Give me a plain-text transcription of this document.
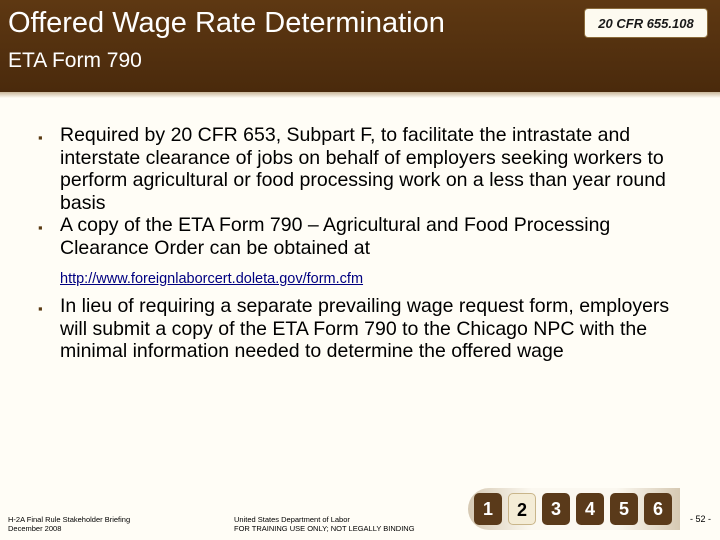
Offered Wage Rate Determination
ETA Form 790
20 CFR 655.108
▪ Required by 20 CFR 653, Subpart F, to facilitate the intrastate and interstate clearance of jobs on behalf of employers seeking workers to perform agricultural or food processing work on a less than year round basis
▪ A copy of the ETA Form 790 – Agricultural and Food Processing Clearance Order can be obtained at
http://www.foreignlaborcert.doleta.gov/form.cfm
▪ In lieu of requiring a separate prevailing wage request form, employers will submit a copy of the ETA Form 790 to the Chicago NPC with the minimal information needed to determine the offered wage
H-2A Final Rule Stakeholder Briefing
December 2008
United States Department of Labor
FOR TRAINING USE ONLY; NOT LEGALLY BINDING
1	2	3	4	5	6	- 52 -
